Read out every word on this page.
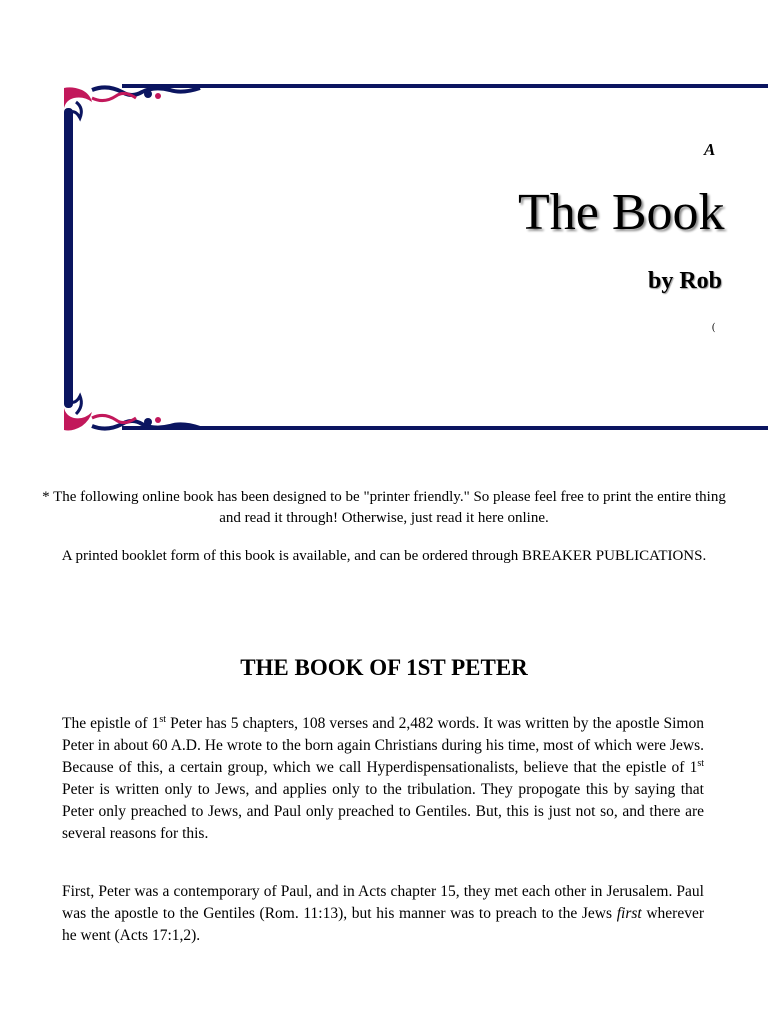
A
The Book
by Rob
(
* The following online book has been designed to be "printer friendly." So please feel free to print the entire thing and read it through! Otherwise, just read it here online.
A printed booklet form of this book is available, and can be ordered through BREAKER PUBLICATIONS.
THE BOOK OF 1ST PETER
The epistle of 1st Peter has 5 chapters, 108 verses and 2,482 words. It was written by the apostle Simon Peter in about 60 A.D. He wrote to the born again Christians during his time, most of which were Jews. Because of this, a certain group, which we call Hyperdispensationalists, believe that the epistle of 1st Peter is written only to Jews, and applies only to the tribulation. They propogate this by saying that Peter only preached to Jews, and Paul only preached to Gentiles. But, this is just not so, and there are several reasons for this.
First, Peter was a contemporary of Paul, and in Acts chapter 15, they met each other in Jerusalem. Paul was the apostle to the Gentiles (Rom. 11:13), but his manner was to preach to the Jews first wherever he went (Acts 17:1,2).
